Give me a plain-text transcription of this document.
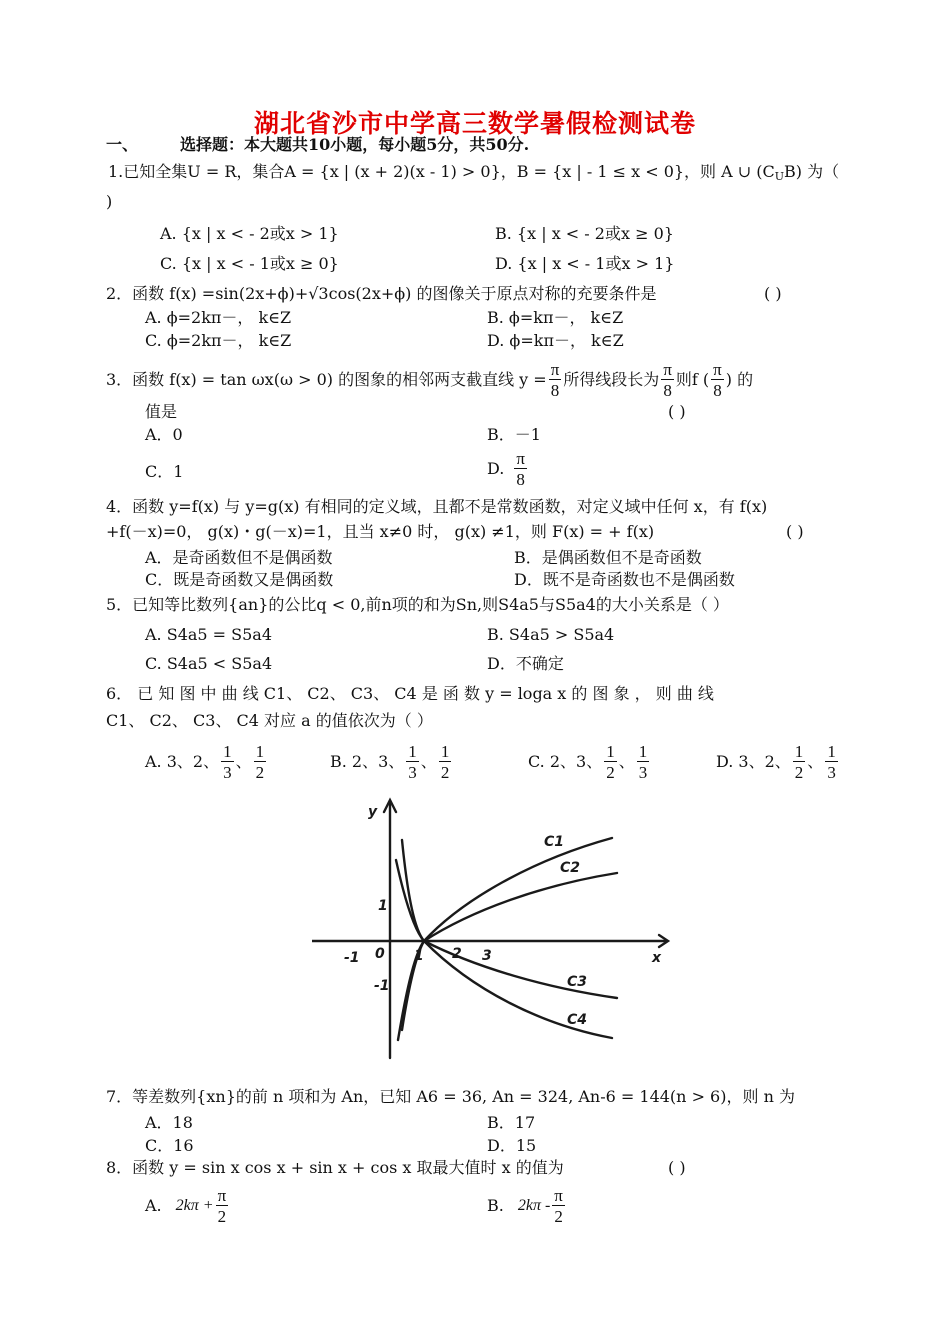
湖北省沙市中学高三数学暑假检测试卷
一、	选择题：本大题共10小题，每小题5分，共50分.
1.已知全集U = R，集合A = {x | (x + 2)(x - 1) > 0}，B = {x | - 1 ≤ x < 0}，则 A ∪ $(C_UB)$ 为（
)
A. {x | x < - 2或x > 1}	B. {x | x < - 2或x ≥ 0}
C. {x | x < - 1或x ≥ 0}	D. {x | x < - 1或x > 1}
2．函数 f(x) =sin(2x+ϕ)+√3cos(2x+ϕ) 的图像关于原点对称的充要条件是	( )
A. ϕ=2kπ－， k∈Z	B. ϕ=kπ－， k∈Z
C. ϕ=2kπ－， k∈Z	D. ϕ=kπ－， k∈Z
3．函数 f(x) = tan ωx(ω > 0) 的图象的相邻两支截直线 $y = \frac{\pi}{8}$ 所得线段长为 $\frac{\pi}{8}$ 则f ( $\frac{\pi}{8}$ ) 的
值是	( )
A．0	B．－1
C．1	D. $\frac{\pi}{8}$
4．函数 y=f(x) 与 y=g(x) 有相同的定义域，且都不是常数函数，对定义域中任何 x，有 f(x)
+f(－x)=0， g(x)・g(－x)=1，且当 x≠0 时， g(x) ≠1，则 F(x) = + f(x)	( )
A．是奇函数但不是偶函数	B．是偶函数但不是奇函数
C．既是奇函数又是偶函数	D．既不是奇函数也不是偶函数
5．已知等比数列{an}的公比q < 0,前n项的和为Sn,则S4a5与S5a4的大小关系是（ ）
A. S4a5 = S5a4	B. S4a5 > S5a4
C. S4a5 < S5a4	D．不确定
6． 已 知 图 中 曲 线 C1、 C2、 C3、 C4 是 函 数 y = loga x 的 图 象 ， 则 曲 线
C1、 C2、 C3、 C4 对应 a 的值依次为（ ）
A. 3、2、 $\frac{1}{3}$ 、 $\frac{1}{2}$	B. 2、3、 $\frac{1}{3}$ 、 $\frac{1}{2}$	C. 2、3、 $\frac{1}{2}$ 、 $\frac{1}{3}$	D. 3、2、 $\frac{1}{2}$ 、 $\frac{1}{3}$
y
x
-1 0 1 2 3
1
-1
C1
C2
C3
C4
7．等差数列{xn}的前 n 项和为 An，已知 A6 = 36, An = 324, An-6 = 144(n > 6)，则 n 为
A．18	B．17
C．16	D．15
8．函数 y = sin x cos x + sin x + cos x 取最大值时 x 的值为	( )
A. $2k\pi + \frac{\pi}{2}$	B. $2k\pi - \frac{\pi}{2}$
